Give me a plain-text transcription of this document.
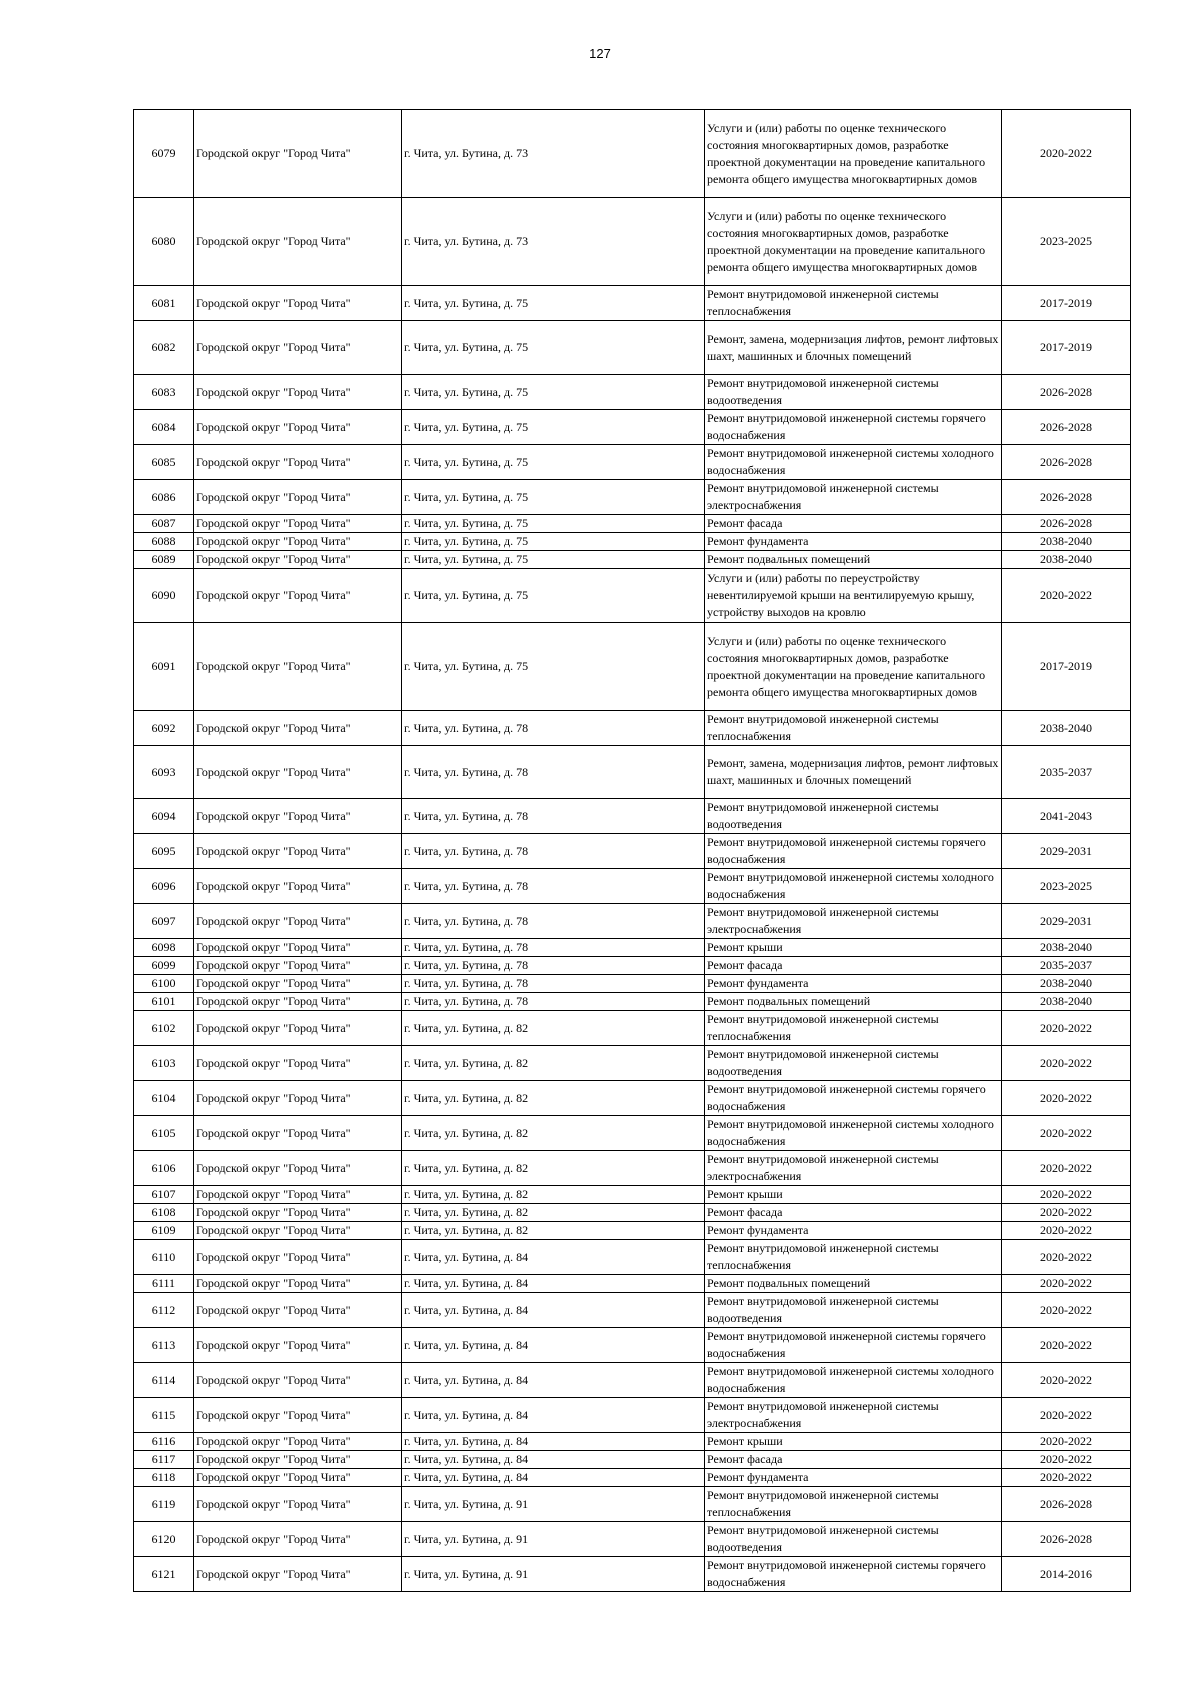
127
6079	Городской округ "Город Чита"	г. Чита, ул. Бутина, д. 73	Услуги и (или) работы по оценке технического состояния многоквартирных домов, разработке проектной документации на проведение капитального ремонта общего имущества многоквартирных домов	2020-2022
6080	Городской округ "Город Чита"	г. Чита, ул. Бутина, д. 73	Услуги и (или) работы по оценке технического состояния многоквартирных домов, разработке проектной документации на проведение капитального ремонта общего имущества многоквартирных домов	2023-2025
6081	Городской округ "Город Чита"	г. Чита, ул. Бутина, д. 75	Ремонт внутридомовой инженерной системы теплоснабжения	2017-2019
6082	Городской округ "Город Чита"	г. Чита, ул. Бутина, д. 75	Ремонт, замена, модернизация лифтов, ремонт лифтовых шахт, машинных и блочных помещений	2017-2019
6083	Городской округ "Город Чита"	г. Чита, ул. Бутина, д. 75	Ремонт внутридомовой инженерной системы водоотведения	2026-2028
6084	Городской округ "Город Чита"	г. Чита, ул. Бутина, д. 75	Ремонт внутридомовой инженерной системы горячего водоснабжения	2026-2028
6085	Городской округ "Город Чита"	г. Чита, ул. Бутина, д. 75	Ремонт внутридомовой инженерной системы холодного водоснабжения	2026-2028
6086	Городской округ "Город Чита"	г. Чита, ул. Бутина, д. 75	Ремонт внутридомовой инженерной системы электроснабжения	2026-2028
6087	Городской округ "Город Чита"	г. Чита, ул. Бутина, д. 75	Ремонт фасада	2026-2028
6088	Городской округ "Город Чита"	г. Чита, ул. Бутина, д. 75	Ремонт фундамента	2038-2040
6089	Городской округ "Город Чита"	г. Чита, ул. Бутина, д. 75	Ремонт подвальных помещений	2038-2040
6090	Городской округ "Город Чита"	г. Чита, ул. Бутина, д. 75	Услуги и (или) работы по переустройству невентилируемой крыши на вентилируемую крышу, устройству выходов на кровлю	2020-2022
6091	Городской округ "Город Чита"	г. Чита, ул. Бутина, д. 75	Услуги и (или) работы по оценке технического состояния многоквартирных домов, разработке проектной документации на проведение капитального ремонта общего имущества многоквартирных домов	2017-2019
6092	Городской округ "Город Чита"	г. Чита, ул. Бутина, д. 78	Ремонт внутридомовой инженерной системы теплоснабжения	2038-2040
6093	Городской округ "Город Чита"	г. Чита, ул. Бутина, д. 78	Ремонт, замена, модернизация лифтов, ремонт лифтовых шахт, машинных и блочных помещений	2035-2037
6094	Городской округ "Город Чита"	г. Чита, ул. Бутина, д. 78	Ремонт внутридомовой инженерной системы водоотведения	2041-2043
6095	Городской округ "Город Чита"	г. Чита, ул. Бутина, д. 78	Ремонт внутридомовой инженерной системы горячего водоснабжения	2029-2031
6096	Городской округ "Город Чита"	г. Чита, ул. Бутина, д. 78	Ремонт внутридомовой инженерной системы холодного водоснабжения	2023-2025
6097	Городской округ "Город Чита"	г. Чита, ул. Бутина, д. 78	Ремонт внутридомовой инженерной системы электроснабжения	2029-2031
6098	Городской округ "Город Чита"	г. Чита, ул. Бутина, д. 78	Ремонт крыши	2038-2040
6099	Городской округ "Город Чита"	г. Чита, ул. Бутина, д. 78	Ремонт фасада	2035-2037
6100	Городской округ "Город Чита"	г. Чита, ул. Бутина, д. 78	Ремонт фундамента	2038-2040
6101	Городской округ "Город Чита"	г. Чита, ул. Бутина, д. 78	Ремонт подвальных помещений	2038-2040
6102	Городской округ "Город Чита"	г. Чита, ул. Бутина, д. 82	Ремонт внутридомовой инженерной системы теплоснабжения	2020-2022
6103	Городской округ "Город Чита"	г. Чита, ул. Бутина, д. 82	Ремонт внутридомовой инженерной системы водоотведения	2020-2022
6104	Городской округ "Город Чита"	г. Чита, ул. Бутина, д. 82	Ремонт внутридомовой инженерной системы горячего водоснабжения	2020-2022
6105	Городской округ "Город Чита"	г. Чита, ул. Бутина, д. 82	Ремонт внутридомовой инженерной системы холодного водоснабжения	2020-2022
6106	Городской округ "Город Чита"	г. Чита, ул. Бутина, д. 82	Ремонт внутридомовой инженерной системы электроснабжения	2020-2022
6107	Городской округ "Город Чита"	г. Чита, ул. Бутина, д. 82	Ремонт крыши	2020-2022
6108	Городской округ "Город Чита"	г. Чита, ул. Бутина, д. 82	Ремонт фасада	2020-2022
6109	Городской округ "Город Чита"	г. Чита, ул. Бутина, д. 82	Ремонт фундамента	2020-2022
6110	Городской округ "Город Чита"	г. Чита, ул. Бутина, д. 84	Ремонт внутридомовой инженерной системы теплоснабжения	2020-2022
6111	Городской округ "Город Чита"	г. Чита, ул. Бутина, д. 84	Ремонт подвальных помещений	2020-2022
6112	Городской округ "Город Чита"	г. Чита, ул. Бутина, д. 84	Ремонт внутридомовой инженерной системы водоотведения	2020-2022
6113	Городской округ "Город Чита"	г. Чита, ул. Бутина, д. 84	Ремонт внутридомовой инженерной системы горячего водоснабжения	2020-2022
6114	Городской округ "Город Чита"	г. Чита, ул. Бутина, д. 84	Ремонт внутридомовой инженерной системы холодного водоснабжения	2020-2022
6115	Городской округ "Город Чита"	г. Чита, ул. Бутина, д. 84	Ремонт внутридомовой инженерной системы электроснабжения	2020-2022
6116	Городской округ "Город Чита"	г. Чита, ул. Бутина, д. 84	Ремонт крыши	2020-2022
6117	Городской округ "Город Чита"	г. Чита, ул. Бутина, д. 84	Ремонт фасада	2020-2022
6118	Городской округ "Город Чита"	г. Чита, ул. Бутина, д. 84	Ремонт фундамента	2020-2022
6119	Городской округ "Город Чита"	г. Чита, ул. Бутина, д. 91	Ремонт внутридомовой инженерной системы теплоснабжения	2026-2028
6120	Городской округ "Город Чита"	г. Чита, ул. Бутина, д. 91	Ремонт внутридомовой инженерной системы водоотведения	2026-2028
6121	Городской округ "Город Чита"	г. Чита, ул. Бутина, д. 91	Ремонт внутридомовой инженерной системы горячего водоснабжения	2014-2016
